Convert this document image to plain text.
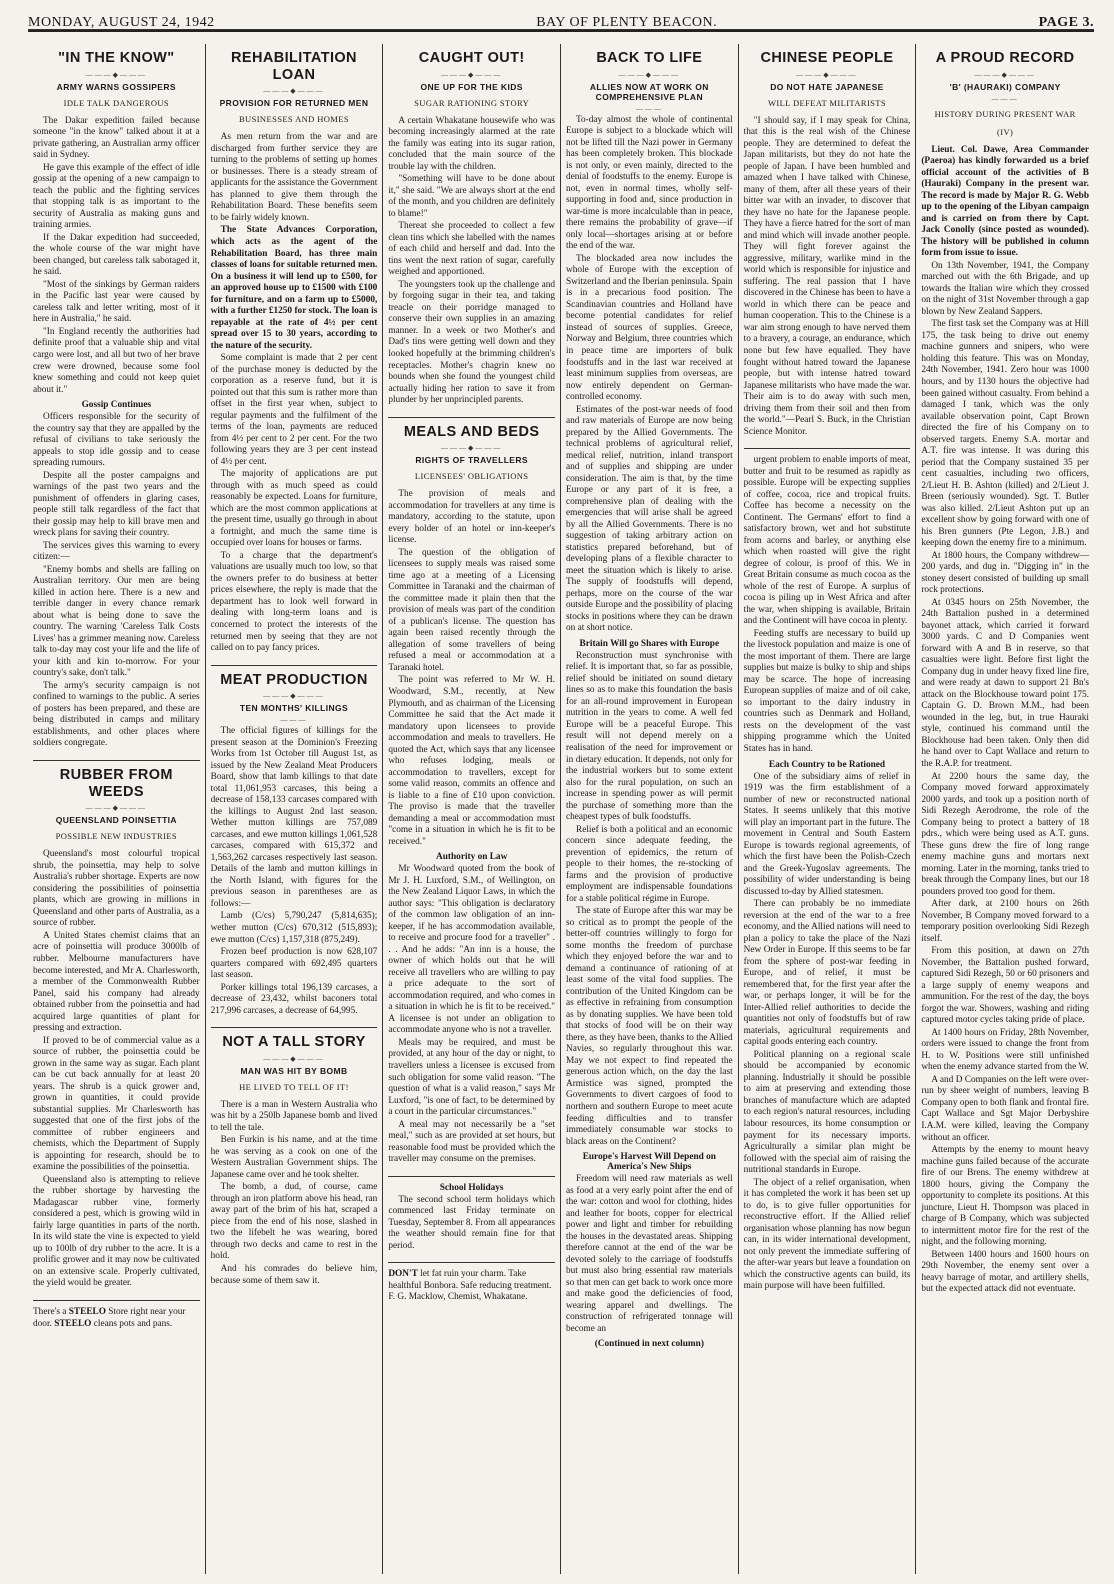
MONDAY, AUGUST 24, 1942	BAY OF PLENTY BEACON.	PAGE 3.
"IN THE KNOW"
———◆———
ARMY WARNS GOSSIPERS
IDLE TALK DANGEROUS

The Dakar expedition failed because someone "in the know" talked about it at a private gathering, an Australian army officer said in Sydney.

He gave this example of the effect of idle gossip at the opening of a new campaign to teach the public and the fighting services that stopping talk is as important to the security of Australia as making guns and training armies.

If the Dakar expedition had succeeded, the whole course of the war might have been changed, but careless talk sabotaged it, he said.

"Most of the sinkings by German raiders in the Pacific last year were caused by careless talk and letter writing, most of it here in Australia," he said.

"In England recently the authorities had definite proof that a valuable ship and vital cargo were lost, and all but two of her brave crew were drowned, because some fool knew something and could not keep quiet about it."

Gossip Continues

Officers responsible for the security of the country say that they are appalled by the refusal of civilians to take seriously the appeals to stop idle gossip and to cease spreading rumours.

Despite all the poster campaigns and warnings of the past two years and the punishment of offenders in glaring cases, people still talk regardless of the fact that their gossip may help to kill brave men and wreck plans for saving their country.

The services gives this warning to every citizen:—

"Enemy bombs and shells are falling on Australian territory. Our men are being killed in action here. There is a new and terrible danger in every chance remark about what is being done to save the country. The warning 'Careless Talk Costs Lives' has a grimmer meaning now. Careless talk to-day may cost your life and the life of your kith and kin to-morrow. For your country's sake, don't talk."

The army's security campaign is not confined to warnings to the public. A series of posters has been prepared, and these are being distributed in camps and military establishments, and other places where soldiers congregate.

RUBBER FROM WEEDS
———◆———
QUEENSLAND POINSETTIA
POSSIBLE NEW INDUSTRIES

Queensland's most colourful tropical shrub, the poinsettia, may help to solve Australia's rubber shortage. Experts are now considering the possibilities of poinsettia plants, which are growing in millions in Queensland and other parts of Australia, as a source of rubber.

A United States chemist claims that an acre of poinsettia will produce 3000lb of rubber. Melbourne manufacturers have become interested, and Mr A. Charlesworth, a member of the Commonwealth Rubber Panel, said his company had already obtained rubber from the poinsettia and had acquired large quantities of plant for pressing and extraction.

If proved to be of commercial value as a source of rubber, the poinsettia could be grown in the same way as sugar. Each plant can be cut back annually for at least 20 years. The shrub is a quick grower and, grown in quantities, it could provide substantial supplies. Mr Charlesworth has suggested that one of the first jobs of the committee of rubber engineers and chemists, which the Department of Supply is appointing for research, should be to examine the possibilities of the poinsettia.

Queensland also is attempting to relieve the rubber shortage by harvesting the Madagascar rubber vine, formerly considered a pest, which is growing wild in fairly large quantities in parts of the north. In its wild state the vine is expected to yield up to 100lb of dry rubber to the acre. It is a prolific grower and it may now be cultivated on an extensive scale. Properly cultivated, the yield would be greater.

There's a STEELO Store right near your door. STEELO cleans pots and pans.
REHABILITATION LOAN
———◆———
PROVISION FOR RETURNED MEN
BUSINESSES AND HOMES

As men return from the war and are discharged from further service they are turning to the problems of setting up homes or businesses. There is a steady stream of applicants for the assistance the Government has planned to give them through the Rehabilitation Board. These benefits seem to be fairly widely known.

The State Advances Corporation, which acts as the agent of the Rehabilitation Board, has three main classes of loans for suitable returned men. On a business it will lend up to £500, for an approved house up to £1500 with £100 for furniture, and on a farm up to £5000, with a further £1250 for stock. The loan is repayable at the rate of 4½ per cent spread over 15 to 30 years, according to the nature of the security.

Some complaint is made that 2 per cent of the purchase money is deducted by the corporation as a reserve fund, but it is pointed out that this sum is rather more than offset in the first year when, subject to regular payments and the fulfilment of the terms of the loan, payments are reduced from 4½ per cent to 2 per cent. For the two following years they are 3 per cent instead of 4½ per cent.

The majority of applications are put through with as much speed as could reasonably be expected. Loans for furniture, which are the most common applications at the present time, usually go through in about a fortnight, and much the same time is occupied over loans for houses or farms.

To a charge that the department's valuations are usually much too low, so that the owners prefer to do business at better prices elsewhere, the reply is made that the department has to look well forward in dealing with long-term loans and is concerned to protect the interests of the returned men by seeing that they are not called on to pay fancy prices.

MEAT PRODUCTION
———◆———
TEN MONTHS' KILLINGS
———

The official figures of killings for the present season at the Dominion's Freezing Works from 1st October till August 1st, as issued by the New Zealand Meat Producers Board, show that lamb killings to that date total 11,061,953 carcases, this being a decrease of 158,133 carcases compared with the killings to August 2nd last season. Wether mutton killings are 757,089 carcases, and ewe mutton killings 1,061,528 carcases, compared with 615,372 and 1,563,262 carcases respectively last season. Details of the lamb and mutton killings in the North Island, with figures for the previous season in parentheses are as follows:—

Lamb (C/cs) 5,790,247 (5,814,635); wether mutton (C/cs) 670,312 (515,893); ewe mutton (C/cs) 1,157,318 (875,249).

Frozen beef production is now 628,107 quarters compared with 692,495 quarters last season.

Porker killings total 196,139 carcases, a decrease of 23,432, whilst baconers total 217,996 carcases, a decrease of 64,995.

NOT A TALL STORY
———◆———
MAN WAS HIT BY BOMB
HE LIVED TO TELL OF IT!

There is a man in Western Australia who was hit by a 250lb Japanese bomb and lived to tell the tale.

Ben Furkin is his name, and at the time he was serving as a cook on one of the Western Australian Government ships. The Japanese came over and he took shelter.

The bomb, a dud, of course, came through an iron platform above his head, ran away part of the brim of his hat, scraped a piece from the end of his nose, slashed in two the lifebelt he was wearing, bored through two decks and came to rest in the hold.

And his comrades do believe him, because some of them saw it.

CAUGHT OUT!
———◆———
ONE UP FOR THE KIDS
SUGAR RATIONING STORY

A certain Whakatane housewife who was becoming increasingly alarmed at the rate the family was eating into its sugar ration, concluded that the main source of the trouble lay with the children.

"Something will have to be done about it," she said. "We are always short at the end of the month, and you children are definitely to blame!"

Thereat she proceeded to collect a few clean tins which she labelled with the names of each child and herself and dad. Into the tins went the next ration of sugar, carefully weighed and apportioned.

The youngsters took up the challenge and by forgoing sugar in their tea, and taking treacle on their porridge managed to conserve their own supplies in an amazing manner. In a week or two Mother's and Dad's tins were getting well down and they looked hopefully at the brimming children's receptacles. Mother's chagrin knew no bounds when she found the youngest child actually hiding her ration to save it from plunder by her unprincipled parents.

MEALS AND BEDS
———◆———
RIGHTS OF TRAVELLERS
LICENSEES' OBLIGATIONS

The provision of meals and accommodation for travellers at any time is mandatory, according to the statute, upon every holder of an hotel or inn-keeper's license.

The question of the obligation of licensees to supply meals was raised some time ago at a meeting of a Licensing Committee in Taranaki and the chairman of the committee made it plain then that the provision of meals was part of the condition of a publican's license. The question has again been raised recently through the allegation of some travellers of being refused a meal or accommodation at a Taranaki hotel.

The point was referred to Mr W. H. Woodward, S.M., recently, at New Plymouth, and as chairman of the Licensing Committee he said that the Act made it mandatory upon licensees to provide accommodation and meals to travellers. He quoted the Act, which says that any licensee who refuses lodging, meals or accommodation to travellers, except for some valid reason, commits an offence and is liable to a fine of £10 upon conviction. The proviso is made that the traveller demanding a meal or accommodation must "come in a situation in which he is fit to be received."

Authority on Law

Mr Woodward quoted from the book of Mr J. H. Luxford, S.M., of Wellington, on the New Zealand Liquor Laws, in which the author says: "This obligation is declaratory of the common law obligation of an inn-keeper, if he has accommodation available, to receive and procure food for a traveller" . . . And he adds: "An inn is a house, the owner of which holds out that he will receive all travellers who are willing to pay a price adequate to the sort of accommodation required, and who comes in a situation in which he is fit to be received." A licensee is not under an obligation to accommodate anyone who is not a traveller.

Meals may be required, and must be provided, at any hour of the day or night, to travellers unless a licensee is excused from such obligation for some valid reason. "The question of what is a valid reason," says Mr Luxford, "is one of fact, to be determined by a court in the particular circumstances."

A meal may not necessarily be a "set meal," such as are provided at set hours, but reasonable food must be provided which the traveller may consume on the premises.

School Holidays

The second school term holidays which commenced last Friday terminate on Tuesday, September 8. From all appearances the weather should remain fine for that period.

DON'T let fat ruin your charm. Take healthful Bonbora. Safe reducing treatment. F. G. Macklow, Chemist, Whakatane.
BACK TO LIFE
———◆———
ALLIES NOW AT WORK ON COMPREHENSIVE PLAN
———

To-day almost the whole of continental Europe is subject to a blockade which will not be lifted till the Nazi power in Germany has been completely broken. This blockade is not only, or even mainly, directed to the denial of foodstuffs to the enemy. Europe is not, even in normal times, wholly self-supporting in food and, since production in war-time is more incalculable than in peace, there remains the probability of grave—if only local—shortages arising at or before the end of the war.

The blockaded area now includes the whole of Europe with the exception of Switzerland and the Iberian peninsula. Spain is in a precarious food position. The Scandinavian countries and Holland have become potential candidates for relief instead of sources of supplies. Greece, Norway and Belgium, three countries which in peace time are importers of bulk foodstuffs and in the last war received at least minimum supplies from overseas, are now entirely dependent on German-controlled economy.

Estimates of the post-war needs of food and raw materials of Europe are now being prepared by the Allied Governments. The technical problems of agricultural relief, medical relief, nutrition, inland transport and of supplies and shipping are under consideration. The aim is that, by the time Europe or any part of it is free, a comprehensive plan of dealing with the emergencies that will arise shall be agreed by all the Allied Governments. There is no suggestion of taking arbitrary action on statistics prepared beforehand, but of developing plans of a flexible character to meet the situation which is likely to arise. The supply of foodstuffs will depend, perhaps, more on the course of the war outside Europe and the possibility of placing stocks in positions where they can be drawn on at short notice.

Britain Will go Shares with Europe

Reconstruction must synchronise with relief. It is important that, so far as possible, relief should be initiated on sound dietary lines so as to make this foundation the basis for an all-round improvement in European nutrition in the years to come. A well fed Europe will be a peaceful Europe. This result will not depend merely on a realisation of the need for improvement or in dietary education. It depends, not only for the industrial workers but to some extent also for the rural population, on such an increase in spending power as will permit the purchase of something more than the cheapest types of bulk foodstuffs.

Relief is both a political and an economic concern since adequate feeding, the prevention of epidemics, the return of people to their homes, the re-stocking of farms and the provision of productive employment are indispensable foundations for a stable political régime in Europe.

The state of Europe after this war may be so critical as to prompt the people of the better-off countries willingly to forgo for some months the freedom of purchase which they enjoyed before the war and to demand a continuance of rationing of at least some of the vital food supplies. The contribution of the United Kingdom can be as effective in refraining from consumption as by donating supplies. We have been told that stocks of food will be on their way there, as they have been, thanks to the Allied Navies, so regularly throughout this war. May we not expect to find repeated the generous action which, on the day the last Armistice was signed, prompted the Governments to divert cargoes of food to northern and southern Europe to meet acute feeding difficulties and to transfer immediately consumable war stocks to black areas on the Continent?

Europe's Harvest Will Depend on America's New Ships

Freedom will need raw materials as well as food at a very early point after the end of the war: cotton and wool for clothing, hides and leather for boots, copper for electrical power and light and timber for rebuilding the houses in the devastated areas. Shipping therefore cannot at the end of the war be devoted solely to the carriage of foodstuffs but must also bring essential raw materials so that men can get back to work once more and make good the deficiencies of food, wearing apparel and dwellings. The construction of refrigerated tonnage will become an

(Continued in next column)
CHINESE PEOPLE
———◆———
DO NOT HATE JAPANESE
WILL DEFEAT MILITARISTS

"I should say, if I may speak for China, that this is the real wish of the Chinese people. They are determined to defeat the Japan militarists, but they do not hate the people of Japan. I have been humbled and amazed when I have talked with Chinese, many of them, after all these years of their bitter war with an invader, to discover that they have no hate for the Japanese people. They have a fierce hatred for the sort of man and mind which will invade another people. They will fight forever against the aggressive, military, warlike mind in the world which is responsible for injustice and suffering. The real passion that I have discovered in the Chinese has been to have a world in which there can be peace and human cooperation. This to the Chinese is a war aim strong enough to have nerved them to a bravery, a courage, an endurance, which none but few have equalled. They have fought without hatred toward the Japanese people, but with intense hatred toward Japanese militarists who have made the war. Their aim is to do away with such men, driving them from their soil and then from the world."—Pearl S. Buck, in the Christian Science Monitor.

urgent problem to enable imports of meat, butter and fruit to be resumed as rapidly as possible. Europe will be expecting supplies of coffee, cocoa, rice and tropical fruits. Coffee has become a necessity on the Continent. The Germans' effort to find a satisfactory brown, wet and hot substitute from acorns and barley, or anything else which when roasted will give the right degree of colour, is proof of this. We in Great Britain consume as much cocoa as the whole of the rest of Europe. A surplus of cocoa is piling up in West Africa and after the war, when shipping is available, Britain and the Continent will have cocoa in plenty.

Feeding stuffs are necessary to build up the livestock population and maize is one of the most important of them. There are large supplies but maize is bulky to ship and ships may be scarce. The hope of increasing European supplies of maize and of oil cake, so important to the dairy industry in countries such as Denmark and Holland, rests on the development of the vast shipping programme which the United States has in hand.

Each Country to be Rationed

One of the subsidiary aims of relief in 1919 was the firm establishment of a number of new or reconstructed national States. It seems unlikely that this motive will play an important part in the future. The movement in Central and South Eastern Europe is towards regional agreements, of which the first have been the Polish-Czech and the Greek-Yugoslav agreements. The possibility of wider understanding is being discussed to-day by Allied statesmen.

There can probably be no immediate reversion at the end of the war to a free economy, and the Allied nations will need to plan a policy to take the place of the Nazi New Order in Europe. If this seems to be far from the sphere of post-war feeding in Europe, and of relief, it must be remembered that, for the first year after the war, or perhaps longer, it will be for the Inter-Allied relief authorities to decide the quantities not only of foodstuffs but of raw materials, agricultural requirements and capital goods entering each country.

Political planning on a regional scale should be accompanied by economic planning. Industrially it should be possible to aim at preserving and extending those branches of manufacture which are adapted to each region's natural resources, including labour resources, its home consumption or payment for its necessary imports. Agriculturally a similar plan might be followed with the special aim of raising the nutritional standards in Europe.

The object of a relief organisation, when it has completed the work it has been set up to do, is to give fuller opportunities for reconstructive effort. If the Allied relief organisation whose planning has now begun can, in its wider international development, not only prevent the immediate suffering of the after-war years but leave a foundation on which the constructive agents can build, its main purpose will have been fulfilled.

A PROUD RECORD
———◆———
'B' (HAURAKI) COMPANY
———
HISTORY DURING PRESENT WAR
(IV)

Lieut. Col. Dawe, Area Commander (Paeroa) has kindly forwarded us a brief official account of the activities of B (Hauraki) Company in the present war. The record is made by Major R. G. Webb up to the opening of the Libyan campaign and is carried on from there by Capt. Jack Conolly (since posted as wounded). The history will be published in column form from issue to issue.

On 13th November, 1941, the Company marched out with the 6th Brigade, and up towards the Italian wire which they crossed on the night of 31st November through a gap blown by New Zealand Sappers.

The first task set the Company was at Hill 175, the task being to drive out enemy machine gunners and snipers, who were holding this feature. This was on Monday, 24th November, 1941. Zero hour was 1000 hours, and by 1130 hours the objective had been gained without casualty. From behind a damaged I tank, which was the only available observation point, Capt Brown directed the fire of his Company on to observed targets. Enemy S.A. mortar and A.T. fire was intense. It was during this period that the Company sustained 35 per cent casualties, including two officers, 2/Lieut H. B. Ashton (killed) and 2/Lieut J. Breen (seriously wounded). Sgt. T. Butler was also killed. 2/Lieut Ashton put up an excellent show by going forward with one of his Bren gunners (Pte Legon, J.B.) and keeping down the enemy fire to a minimum.

At 1800 hours, the Company withdrew—200 yards, and dug in. "Digging in" in the stoney desert consisted of building up small rock protections.

At 0345 hours on 25th November, the 24th Battalion pushed in a determined bayonet attack, which carried it forward 3000 yards. C and D Companies went forward with A and B in reserve, so that casualties were light. Before first light the Company dug in under heavy fixed line fire, and were ready at dawn to support 21 Bn's attack on the Blockhouse toward point 175. Captain G. D. Brown M.M., had been wounded in the leg, but, in true Hauraki style, continued his command until the Blockhouse had been taken. Only then did he hand over to Capt Wallace and return to the R.A.P. for treatment.

At 2200 hours the same day, the Company moved forward approximately 2000 yards, and took up a position north of Sidi Rezegh Aerodrome, the role of the Company being to protect a battery of 18 pdrs., which were being used as A.T. guns. These guns drew the fire of long range enemy machine guns and mortars next morning. Later in the morning, tanks tried to break through the Company lines, but our 18 pounders proved too good for them.

After dark, at 2100 hours on 26th November, B Company moved forward to a temporary position overlooking Sidi Rezegh itself.

From this position, at dawn on 27th November, the Battalion pushed forward, captured Sidi Rezegh, 50 or 60 prisoners and a large supply of enemy weapons and ammunition. For the rest of the day, the boys forgot the war. Showers, washing and riding captured motor cycles taking pride of place.

At 1400 hours on Friday, 28th November, orders were issued to change the front from H. to W. Positions were still unfinished when the enemy advance started from the W.

A and D Companies on the left were over-run by sheer weight of numbers, leaving B Company open to both flank and frontal fire. Capt Wallace and Sgt Major Derbyshire I.A.M. were killed, leaving the Company without an officer.

Attempts by the enemy to mount heavy machine guns failed because of the accurate fire of our Brens. The enemy withdrew at 1800 hours, giving the Company the opportunity to complete its positions. At this juncture, Lieut H. Thompson was placed in charge of B Company, which was subjected to intermittent motor fire for the rest of the night, and the following morning.

Between 1400 hours and 1600 hours on 29th November, the enemy sent over a heavy barrage of motar, and artillery shells, but the expected attack did not eventuate.
